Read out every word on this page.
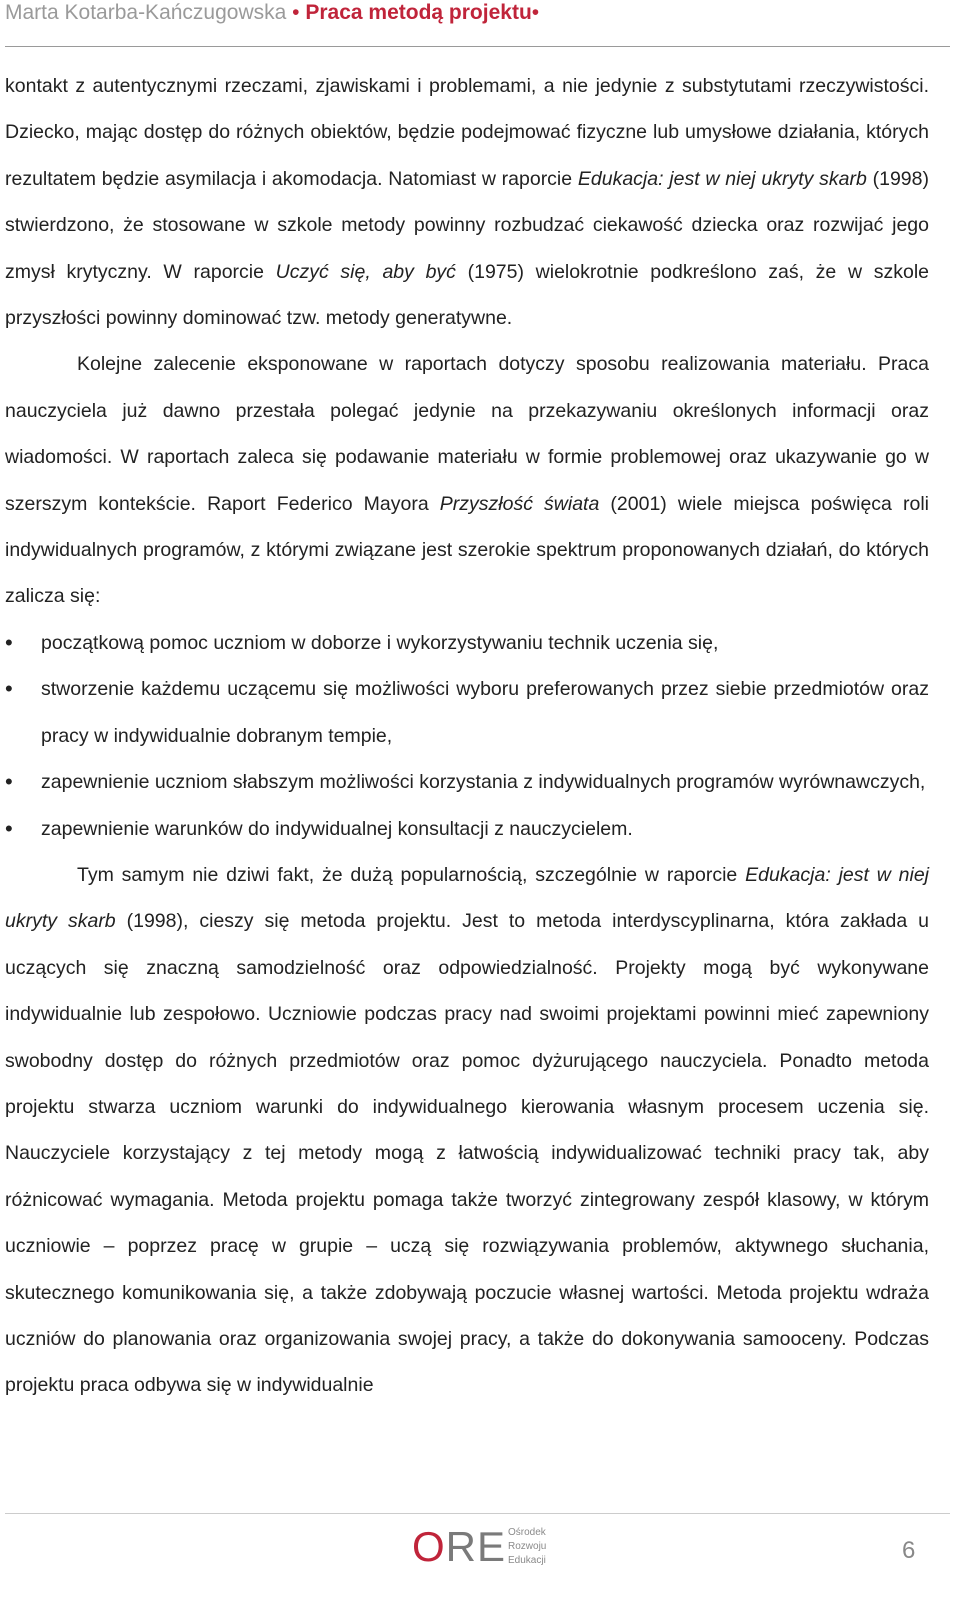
Marta Kotarba-Kańczugowska • Praca metodą projektu•

kontakt z autentycznymi rzeczami, zjawiskami i problemami, a nie jedynie z substytutami rzeczywistości. Dziecko, mając dostęp do różnych obiektów, będzie podejmować fizyczne lub umysłowe działania, których rezultatem będzie asymilacja i akomodacja. Natomiast w raporcie Edukacja: jest w niej ukryty skarb (1998) stwierdzono, że stosowane w szkole metody powinny rozbudzać ciekawość dziecka oraz rozwijać jego zmysł krytyczny. W raporcie Uczyć się, aby być (1975) wielokrotnie podkreślono zaś, że w szkole przyszłości powinny dominować tzw. metody generatywne.

Kolejne zalecenie eksponowane w raportach dotyczy sposobu realizowania materiału. Praca nauczyciela już dawno przestała polegać jedynie na przekazywaniu określonych informacji oraz wiadomości. W raportach zaleca się podawanie materiału w formie problemowej oraz ukazywanie go w szerszym kontekście. Raport Federico Mayora Przyszłość świata (2001) wiele miejsca poświęca roli indywidualnych programów, z którymi związane jest szerokie spektrum proponowanych działań, do których zalicza się:

• początkową pomoc uczniom w doborze i wykorzystywaniu technik uczenia się,
• stworzenie każdemu uczącemu się możliwości wyboru preferowanych przez siebie przedmiotów oraz pracy w indywidualnie dobranym tempie,
• zapewnienie uczniom słabszym możliwości korzystania z indywidualnych programów wyrównawczych,
• zapewnienie warunków do indywidualnej konsultacji z nauczycielem.

Tym samym nie dziwi fakt, że dużą popularnością, szczególnie w raporcie Edukacja: jest w niej ukryty skarb (1998), cieszy się metoda projektu. Jest to metoda interdyscyplinarna, która zakłada u uczących się znaczną samodzielność oraz odpowiedzialność. Projekty mogą być wykonywane indywidualnie lub zespołowo. Uczniowie podczas pracy nad swoimi projektami powinni mieć zapewniony swobodny dostęp do różnych przedmiotów oraz pomoc dyżurującego nauczyciela. Ponadto metoda projektu stwarza uczniom warunki do indywidualnego kierowania własnym procesem uczenia się. Nauczyciele korzystający z tej metody mogą z łatwością indywidualizować techniki pracy tak, aby różnicować wymagania. Metoda projektu pomaga także tworzyć zintegrowany zespół klasowy, w którym uczniowie – poprzez pracę w grupie – uczą się rozwiązywania problemów, aktywnego słuchania, skutecznego komunikowania się, a także zdobywają poczucie własnej wartości. Metoda projektu wdraża uczniów do planowania oraz organizowania swojej pracy, a także do dokonywania samooceny. Podczas projektu praca odbywa się w indywidualnie

ORE Ośrodek
Rozwoju
Edukacji	6
